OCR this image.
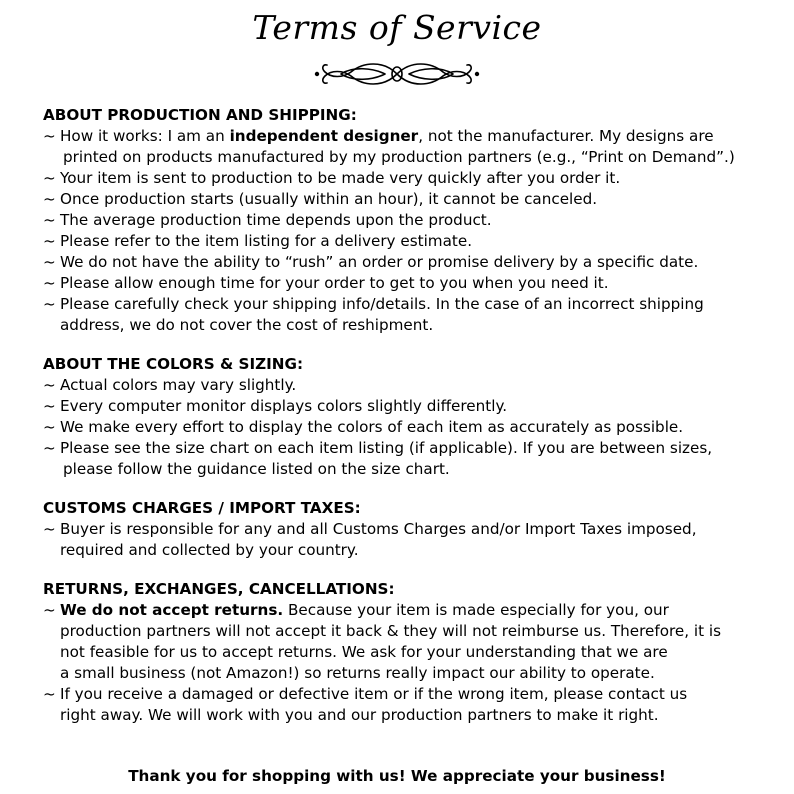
Terms of Service
ABOUT PRODUCTION AND SHIPPING:
~ How it works: I am an independent designer, not the manufacturer. My designs are
printed on products manufactured by my production partners (e.g., “Print on Demand”.)
~ Your item is sent to production to be made very quickly after you order it.
~ Once production starts (usually within an hour), it cannot be canceled.
~ The average production time depends upon the product.
~ Please refer to the item listing for a delivery estimate.
~ We do not have the ability to “rush” an order or promise delivery by a specific date.
~ Please allow enough time for your order to get to you when you need it.
~ Please carefully check your shipping info/details. In the case of an incorrect shipping
address, we do not cover the cost of reshipment.
ABOUT THE COLORS & SIZING:
~ Actual colors may vary slightly.
~ Every computer monitor displays colors slightly differently.
~ We make every effort to display the colors of each item as accurately as possible.
~ Please see the size chart on each item listing (if applicable). If you are between sizes,
please follow the guidance listed on the size chart.
CUSTOMS CHARGES / IMPORT TAXES:
~ Buyer is responsible for any and all Customs Charges and/or Import Taxes imposed,
required and collected by your country.
RETURNS, EXCHANGES, CANCELLATIONS:
~ We do not accept returns. Because your item is made especially for you, our
production partners will not accept it back & they will not reimburse us. Therefore, it is
not feasible for us to accept returns. We ask for your understanding that we are
a small business (not Amazon!) so returns really impact our ability to operate.
~ If you receive a damaged or defective item or if the wrong item, please contact us
right away. We will work with you and our production partners to make it right.
Thank you for shopping with us! We appreciate your business!
